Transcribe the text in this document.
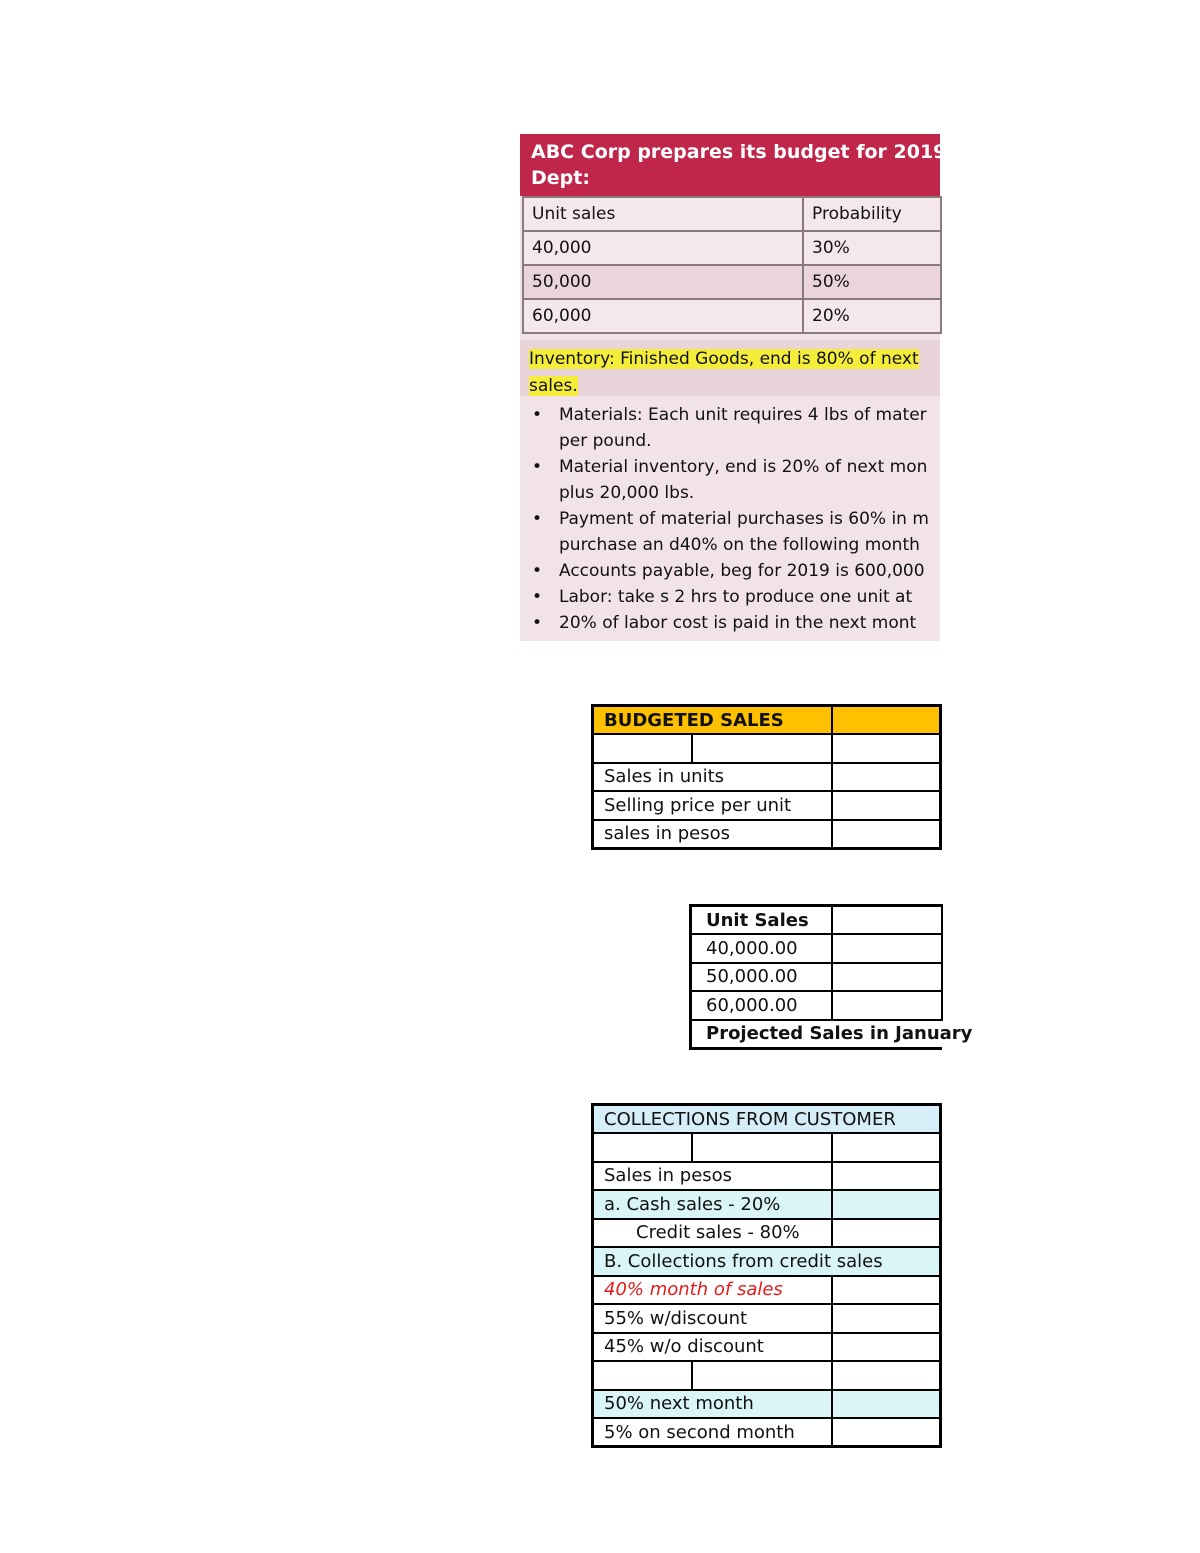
ABC Corp prepares its budget for 2019
Dept:
Unit sales	Probability
40,000	30%
50,000	50%
60,000	20%
Inventory: Finished Goods, end is 80% of next
sales.
• Materials: Each unit requires 4 lbs of mater
per pound.
• Material inventory, end is 20% of next mon
plus 20,000 lbs.
• Payment of material purchases is 60% in m
purchase an d40% on the following month
• Accounts payable, beg for 2019 is 600,000
• Labor: take s 2 hrs to produce one unit at
• 20% of labor cost is paid in the next mont
BUDGETED SALES		

Sales in units		
Selling price per unit		
sales in pesos		
Unit Sales	
40,000.00	
50,000.00	
60,000.00	
Projected Sales in January	
COLLECTIONS FROM CUSTOMER		

Sales in pesos		
a. Cash sales - 20%		
Credit sales - 80%		
B. Collections from credit sales		
40% month of sales		
55% w/discount		
45% w/o discount		

50% next month		
5% on second month		
